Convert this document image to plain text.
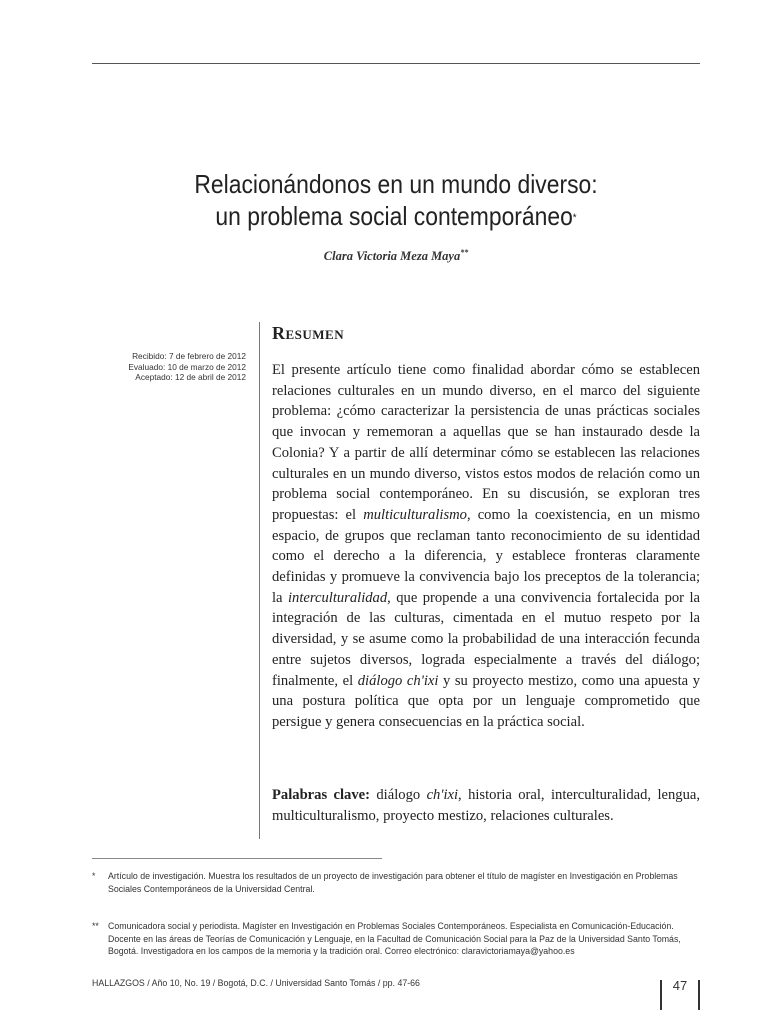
Relacionándonos en un mundo diverso:
un problema social contemporáneo*
Clara Victoria Meza Maya**
Recibido: 7 de febrero de 2012
Evaluado: 10 de marzo de 2012
Aceptado: 12 de abril de 2012
Resumen

El presente artículo tiene como finalidad abordar cómo se establecen relaciones culturales en un mundo diverso, en el marco del siguiente problema: ¿cómo caracterizar la persistencia de unas prácticas sociales que invocan y rememoran a aquellas que se han instaurado desde la Colonia? Y a partir de allí determinar cómo se establecen las relaciones culturales en un mundo diverso, vistos estos modos de relación como un problema social contemporáneo. En su discusión, se exploran tres propuestas: el multiculturalismo, como la coexistencia, en un mismo espacio, de grupos que reclaman tanto reconocimiento de su identidad como el derecho a la diferencia, y establece fronteras claramente definidas y promueve la convivencia bajo los preceptos de la tolerancia; la interculturalidad, que propende a una convivencia fortalecida por la integración de las culturas, cimentada en el mutuo respeto por la diversidad, y se asume como la probabilidad de una interacción fecunda entre sujetos diversos, lograda especialmente a través del diálogo; finalmente, el diálogo ch'ixi y su proyecto mestizo, como una apuesta y una postura política que opta por un lenguaje comprometido que persigue y genera consecuencias en la práctica social.

Palabras clave: diálogo ch'ixi, historia oral, interculturalidad, lengua, multiculturalismo, proyecto mestizo, relaciones culturales.
* Artículo de investigación. Muestra los resultados de un proyecto de investigación para obtener el título de magíster en Investigación en Problemas Sociales Contemporáneos de la Universidad Central.
** Comunicadora social y periodista. Magíster en Investigación en Problemas Sociales Contemporáneos. Especialista en Comunicación-Educación. Docente en las áreas de Teorías de Comunicación y Lenguaje, en la Facultad de Comunicación Social para la Paz de la Universidad Santo Tomás, Bogotá. Investigadora en los campos de la memoria y la tradición oral. Correo electrónico: claravictoriamaya@yahoo.es
HALLAZGOS / Año 10, No. 19 / Bogotá, D.C. / Universidad Santo Tomás / pp. 47-66	47
